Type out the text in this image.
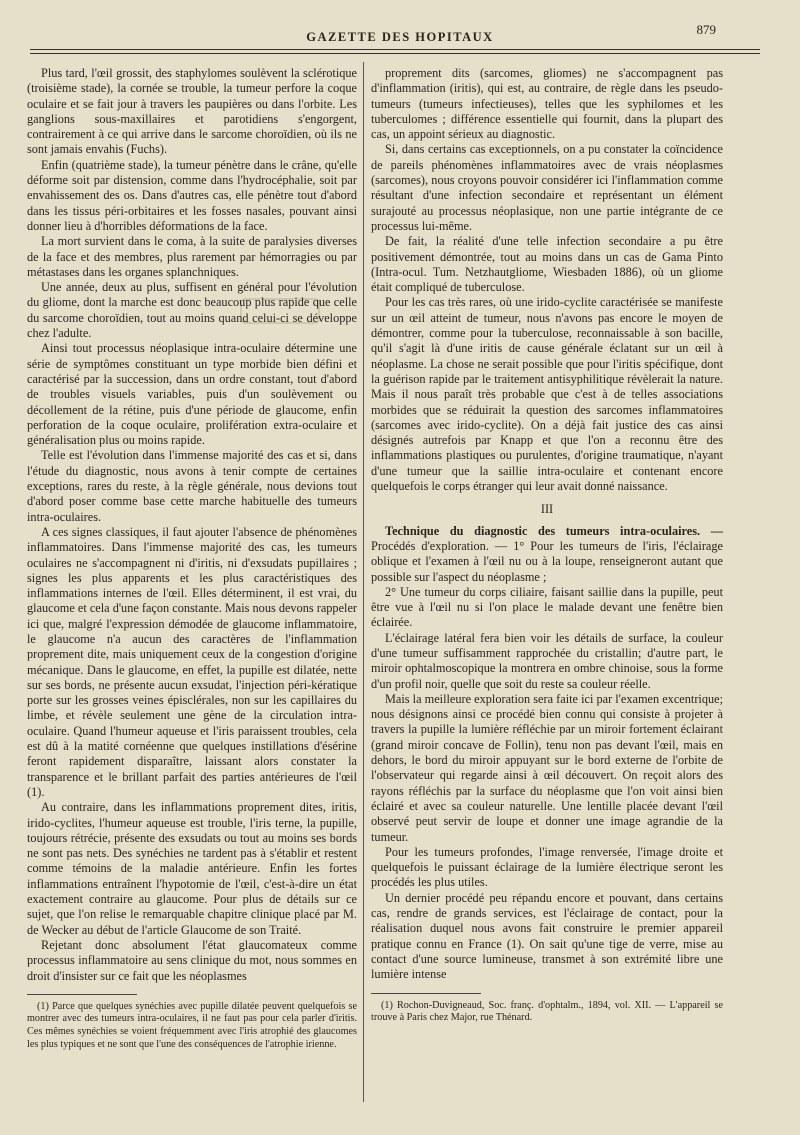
879
GAZETTE DES HOPITAUX

Plus tard, l'œil grossit, des staphylomes soulèvent la sclérotique (troisième stade), la cornée se trouble, la tumeur perfore la coque oculaire et se fait jour à travers les paupières ou dans l'orbite. Les ganglions sous-maxillaires et parotidiens s'engorgent, contrairement à ce qui arrive dans le sarcome choroïdien, où ils ne sont jamais envahis (Fuchs).

Enfin (quatrième stade), la tumeur pénètre dans le crâne, qu'elle déforme soit par distension, comme dans l'hydrocéphalie, soit par envahissement des os. Dans d'autres cas, elle pénètre tout d'abord dans les tissus péri-orbitaires et les fosses nasales, pouvant ainsi donner lieu à d'horribles déformations de la face.

La mort survient dans le coma, à la suite de paralysies diverses de la face et des membres, plus rarement par hémorragies ou par métastases dans les organes splanchniques.

Une année, deux au plus, suffisent en général pour l'évolution du gliome, dont la marche est donc beaucoup plus rapide que celle du sarcome choroïdien, tout au moins quand celui-ci se développe chez l'adulte.

Ainsi tout processus néoplasique intra-oculaire détermine une série de symptômes constituant un type morbide bien défini et caractérisé par la succession, dans un ordre constant, tout d'abord de troubles visuels variables, puis d'un soulèvement ou décollement de la rétine, puis d'une période de glaucome, enfin perforation de la coque oculaire, prolifération extra-oculaire et généralisation plus ou moins rapide.

Telle est l'évolution dans l'immense majorité des cas et si, dans l'étude du diagnostic, nous avons à tenir compte de certaines exceptions, rares du reste, à la règle générale, nous devions tout d'abord poser comme base cette marche habituelle des tumeurs intra-oculaires.

A ces signes classiques, il faut ajouter l'absence de phénomènes inflammatoires. Dans l'immense majorité des cas, les tumeurs oculaires ne s'accompagnent ni d'iritis, ni d'exsudats pupillaires ; signes les plus apparents et les plus caractéristiques des inflammations internes de l'œil. Elles déterminent, il est vrai, du glaucome et cela d'une façon constante. Mais nous devons rappeler ici que, malgré l'expression démodée de glaucome inflammatoire, le glaucome n'a aucun des caractères de l'inflammation proprement dite, mais uniquement ceux de la congestion d'origine mécanique. Dans le glaucome, en effet, la pupille est dilatée, nette sur ses bords, ne présente aucun exsudat, l'injection péri-kératique porte sur les grosses veines épisclérales, non sur les capillaires du limbe, et révèle seulement une gène de la circulation intra-oculaire. Quand l'humeur aqueuse et l'iris paraissent troubles, cela est dû à la matité cornéenne que quelques instillations d'ésérine feront rapidement disparaître, laissant alors constater la transparence et le brillant parfait des parties antérieures de l'œil (1).

Au contraire, dans les inflammations proprement dites, iritis, irido-cyclites, l'humeur aqueuse est trouble, l'iris terne, la pupille, toujours rétrécie, présente des exsudats ou tout au moins ses bords ne sont pas nets. Des synéchies ne tardent pas à s'établir et restent comme témoins de la maladie antérieure. Enfin les fortes inflammations entraînent l'hypotomie de l'œil, c'est-à-dire un état exactement contraire au glaucome. Pour plus de détails sur ce sujet, que l'on relise le remarquable chapitre clinique placé par M. de Wecker au début de l'article Glaucome de son Traité.

Rejetant donc absolument l'état glaucomateux comme processus inflammatoire au sens clinique du mot, nous sommes en droit d'insister sur ce fait que les néoplasmes

(1) Parce que quelques synéchies avec pupille dilatée peuvent quelquefois se montrer avec des tumeurs intra-oculaires, il ne faut pas pour cela parler d'iritis. Ces mêmes synéchies se voient fréquemment avec l'iris atrophié des glaucomes les plus typiques et ne sont que l'une des conséquences de l'atrophie irienne.

proprement dits (sarcomes, gliomes) ne s'accompagnent pas d'inflammation (iritis), qui est, au contraire, de règle dans les pseudo-tumeurs (tumeurs infectieuses), telles que les syphilomes et les tuberculomes ; différence essentielle qui fournit, dans la plupart des cas, un appoint sérieux au diagnostic.

Si, dans certains cas exceptionnels, on a pu constater la coïncidence de pareils phénomènes inflammatoires avec de vrais néoplasmes (sarcomes), nous croyons pouvoir considérer ici l'inflammation comme résultant d'une infection secondaire et représentant un élément surajouté au processus néoplasique, non une partie intégrante de ce processus lui-même.

De fait, la réalité d'une telle infection secondaire a pu être positivement démontrée, tout au moins dans un cas de Gama Pinto (Intra-ocul. Tum. Netzhautgliome, Wiesbaden 1886), où un gliome était compliqué de tuberculose.

Pour les cas très rares, où une irido-cyclite caractérisée se manifeste sur un œil atteint de tumeur, nous n'avons pas encore le moyen de démontrer, comme pour la tuberculose, reconnaissable à son bacille, qu'il s'agit là d'une iritis de cause générale éclatant sur un œil à néoplasme. La chose ne serait possible que pour l'iritis spécifique, dont la guérison rapide par le traitement antisyphilitique révèlerait la nature. Mais il nous paraît très probable que c'est à de telles associations morbides que se réduirait la question des sarcomes inflammatoires (sarcomes avec irido-cyclite). On a déjà fait justice des cas ainsi désignés autrefois par Knapp et que l'on a reconnu être des inflammations plastiques ou purulentes, d'origine traumatique, n'ayant d'une tumeur que la saillie intra-oculaire et contenant encore quelquefois le corps étranger qui leur avait donné naissance.

III

Technique du diagnostic des tumeurs intra-oculaires. — Procédés d'exploration. — 1° Pour les tumeurs de l'iris, l'éclairage oblique et l'examen à l'œil nu ou à la loupe, renseigneront autant que possible sur l'aspect du néoplasme ;

2° Une tumeur du corps ciliaire, faisant saillie dans la pupille, peut être vue à l'œil nu si l'on place le malade devant une fenêtre bien éclairée.

L'éclairage latéral fera bien voir les détails de surface, la couleur d'une tumeur suffisamment rapprochée du cristallin; d'autre part, le miroir ophtalmoscopique la montrera en ombre chinoise, sous la forme d'un profil noir, quelle que soit du reste sa couleur réelle.

Mais la meilleure exploration sera faite ici par l'examen excentrique; nous désignons ainsi ce procédé bien connu qui consiste à projeter à travers la pupille la lumière réfléchie par un miroir fortement éclairant (grand miroir concave de Follin), tenu non pas devant l'œil, mais en dehors, le bord du miroir appuyant sur le bord externe de l'orbite de l'observateur qui regarde ainsi à œil découvert. On reçoit alors des rayons réfléchis par la surface du néoplasme que l'on voit ainsi bien éclairé et avec sa couleur naturelle. Une lentille placée devant l'œil observé peut servir de loupe et donner une image agrandie de la tumeur.

Pour les tumeurs profondes, l'image renversée, l'image droite et quelquefois le puissant éclairage de la lumière électrique seront les procédés les plus utiles.

Un dernier procédé peu répandu encore et pouvant, dans certains cas, rendre de grands services, est l'éclairage de contact, pour la réalisation duquel nous avons fait construire le premier appareil pratique connu en France (1). On sait qu'une tige de verre, mise au contact d'une source lumineuse, transmet à son extrémité libre une lumière intense

(1) Rochon-Duvigneaud, Soc. franç. d'ophtalm., 1894, vol. XII. — L'appareil se trouve à Paris chez Major, rue Thénard.
